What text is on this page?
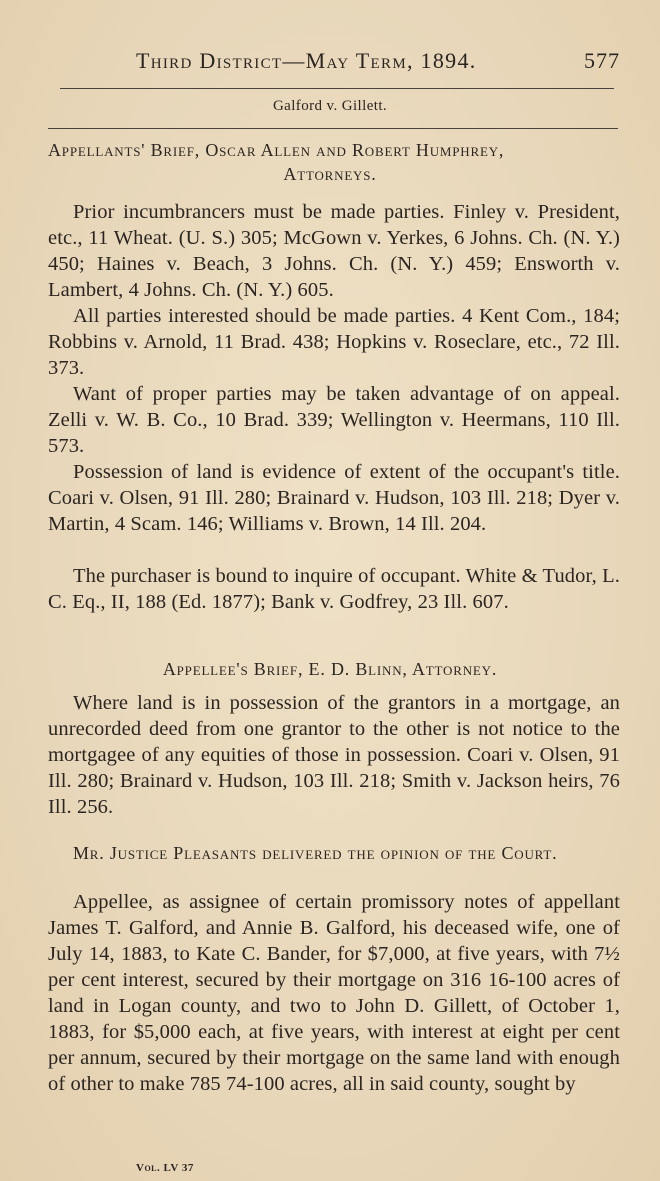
Third District—May Term, 1894.	577
Galford v. Gillett.
Appellants' Brief, Oscar Allen and Robert Humphrey,
Attorneys.

Prior incumbrancers must be made parties. Finley v. President, etc., 11 Wheat. (U. S.) 305; McGown v. Yerkes, 6 Johns. Ch. (N. Y.) 450; Haines v. Beach, 3 Johns. Ch. (N. Y.) 459; Ensworth v. Lambert, 4 Johns. Ch. (N. Y.) 605.

All parties interested should be made parties. 4 Kent Com., 184; Robbins v. Arnold, 11 Brad. 438; Hopkins v. Roseclare, etc., 72 Ill. 373.

Want of proper parties may be taken advantage of on appeal. Zelli v. W. B. Co., 10 Brad. 339; Wellington v. Heermans, 110 Ill. 573.

Possession of land is evidence of extent of the occupant's title. Coari v. Olsen, 91 Ill. 280; Brainard v. Hudson, 103 Ill. 218; Dyer v. Martin, 4 Scam. 146; Williams v. Brown, 14 Ill. 204.

The purchaser is bound to inquire of occupant. White & Tudor, L. C. Eq., II, 188 (Ed. 1877); Bank v. Godfrey, 23 Ill. 607.

Appellee's Brief, E. D. Blinn, Attorney.

Where land is in possession of the grantors in a mortgage, an unrecorded deed from one grantor to the other is not notice to the mortgagee of any equities of those in possession. Coari v. Olsen, 91 Ill. 280; Brainard v. Hudson, 103 Ill. 218; Smith v. Jackson heirs, 76 Ill. 256.

Mr. Justice Pleasants delivered the opinion of the Court.

Appellee, as assignee of certain promissory notes of appellant James T. Galford, and Annie B. Galford, his deceased wife, one of July 14, 1883, to Kate C. Bander, for $7,000, at five years, with 7½ per cent interest, secured by their mortgage on 316 16-100 acres of land in Logan county, and two to John D. Gillett, of October 1, 1883, for $5,000 each, at five years, with interest at eight per cent per annum, secured by their mortgage on the same land with enough of other to make 785 74-100 acres, all in said county, sought by

Vol. LV 37
